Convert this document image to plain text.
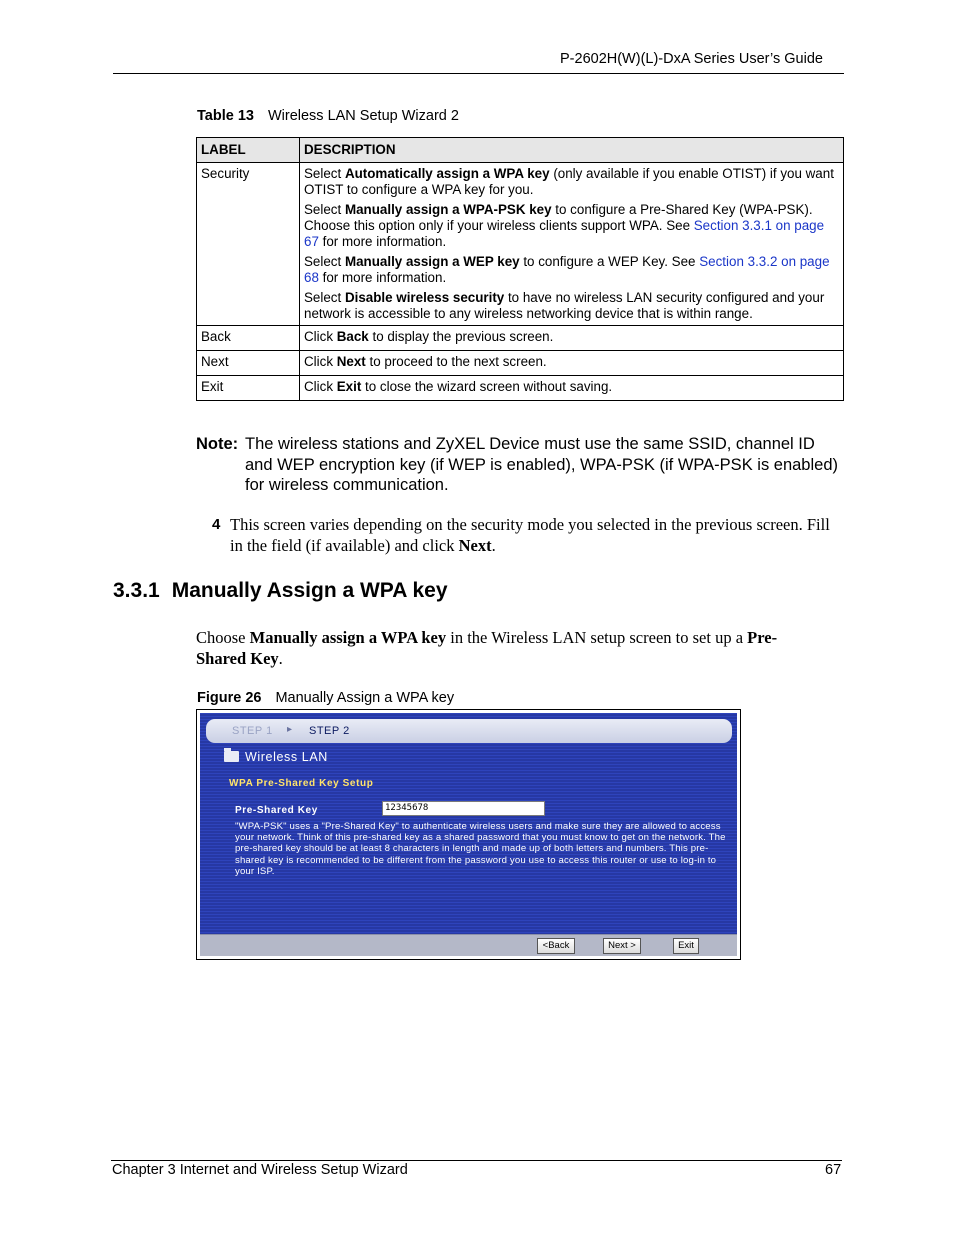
P-2602H(W)(L)-DxA Series User’s Guide
Table 13 Wireless LAN Setup Wizard 2
LABEL	DESCRIPTION
Security	Select Automatically assign a WPA key (only available if you enable OTIST) if you want OTIST to configure a WPA key for you.

Select Manually assign a WPA-PSK key to configure a Pre-Shared Key (WPA-PSK). Choose this option only if your wireless clients support WPA. See Section 3.3.1 on page 67 for more information.

Select Manually assign a WEP key to configure a WEP Key. See Section 3.3.2 on page 68 for more information.

Select Disable wireless security to have no wireless LAN security configured and your network is accessible to any wireless networking device that is within range.

Back	Click Back to display the previous screen.
Next	Click Next to proceed to the next screen.
Exit	Click Exit to close the wizard screen without saving.
Note: The wireless stations and ZyXEL Device must use the same SSID, channel ID and WEP encryption key (if WEP is enabled), WPA-PSK (if WPA-PSK is enabled) for wireless communication.
4 This screen varies depending on the security mode you selected in the previous screen. Fill in the field (if available) and click Next.
3.3.1 Manually Assign a WPA key
Choose Manually assign a WPA key in the Wireless LAN setup screen to set up a Pre-Shared Key.
Figure 26 Manually Assign a WPA key
STEP 1 ▸ STEP 2
Wireless LAN
WPA Pre-Shared Key Setup
Pre-Shared Key	12345678
"WPA-PSK" uses a "Pre-Shared Key" to authenticate wireless users and make sure they are allowed to access your network. Think of this pre-shared key as a shared password that you must know to get on the network. The pre-shared key should be at least 8 characters in length and made up of both letters and numbers. This pre-shared key is recommended to be different from the password you use to access this router or use to log-in to your ISP.
<Back	Next >	Exit
Chapter 3 Internet and Wireless Setup Wizard	67
